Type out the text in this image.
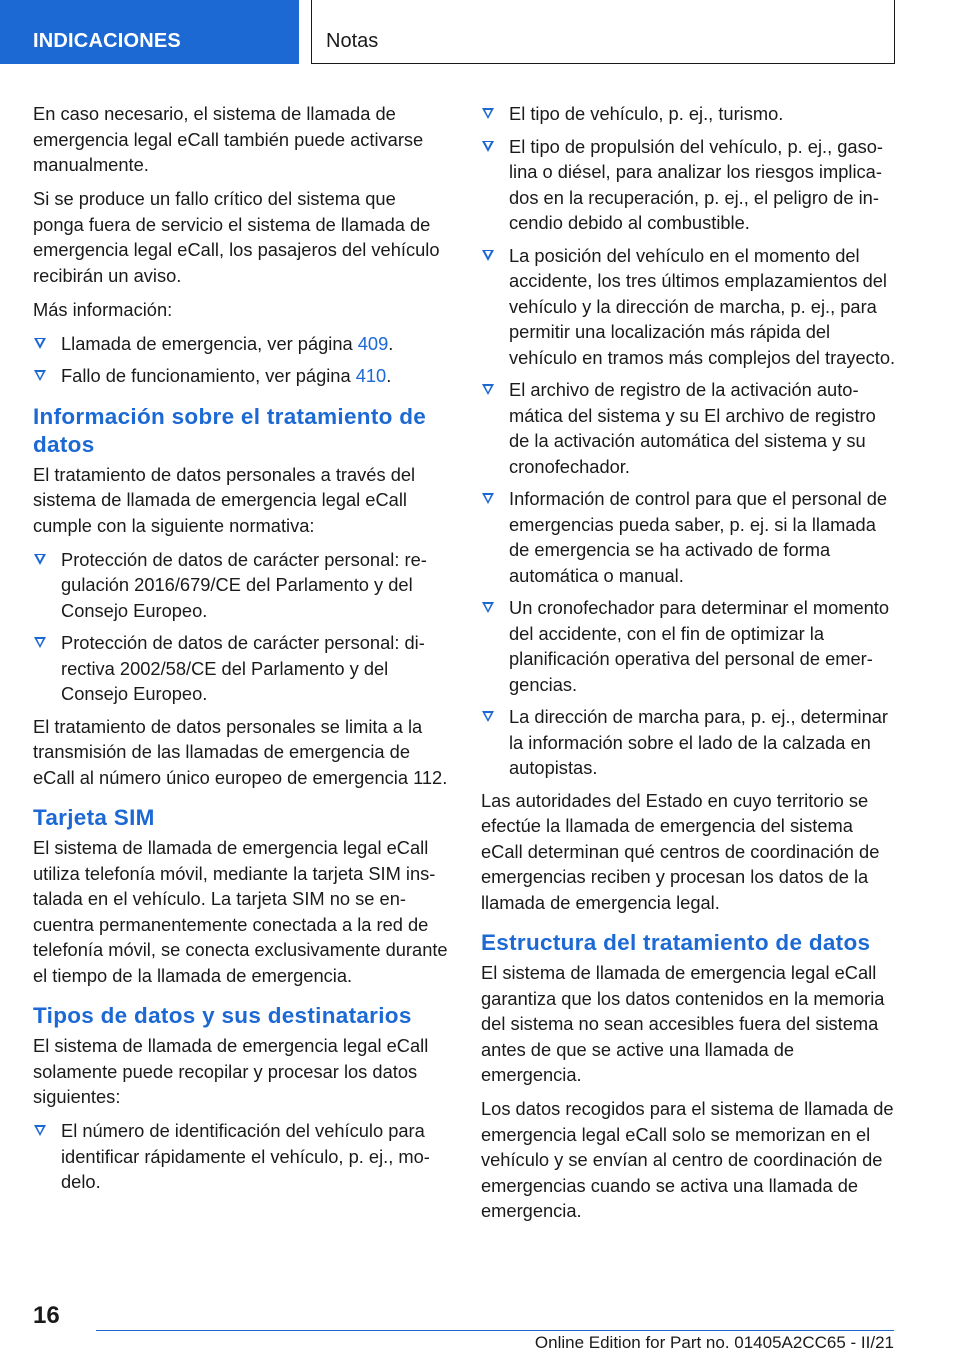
INDICACIONES	Notas

En caso necesario, el sistema de llamada de emergencia legal eCall también puede activarse manualmente.

Si se produce un fallo crítico del sistema que ponga fuera de servicio el sistema de llamada de emergencia legal eCall, los pasajeros del vehículo recibirán un aviso.

Más información:

Llamada de emergencia, ver página 409.
Fallo de funcionamiento, ver página 410.
Información sobre el tratamiento de datos

El tratamiento de datos personales a través del sistema de llamada de emergencia legal eCall cumple con la siguiente normativa:

Protección de datos de carácter personal: regulación 2016/679/CE del Parlamento y del Consejo Europeo.
Protección de datos de carácter personal: directiva 2002/58/CE del Parlamento y del Consejo Europeo.

El tratamiento de datos personales se limita a la transmisión de las llamadas de emergencia de eCall al número único europeo de emergencia 112.

Tarjeta SIM

El sistema de llamada de emergencia legal eCall utiliza telefonía móvil, mediante la tarjeta SIM instalada en el vehículo. La tarjeta SIM no se encuentra permanentemente conectada a la red de telefonía móvil, se conecta exclusivamente durante el tiempo de la llamada de emergencia.

Tipos de datos y sus destinatarios

El sistema de llamada de emergencia legal eCall solamente puede recopilar y procesar los datos siguientes:

El número de identificación del vehículo para identificar rápidamente el vehículo, p. ej., modelo.
El tipo de vehículo, p. ej., turismo.
El tipo de propulsión del vehículo, p. ej., gasolina o diésel, para analizar los riesgos implicados en la recuperación, p. ej., el peligro de incendio debido al combustible.
La posición del vehículo en el momento del accidente, los tres últimos emplazamientos del vehículo y la dirección de marcha, p. ej., para permitir una localización más rápida del vehículo en tramos más complejos del trayecto.
El archivo de registro de la activación automática del sistema y su El archivo de registro de la activación automática del sistema y su cronofechador.
Información de control para que el personal de emergencias pueda saber, p. ej. si la llamada de emergencia se ha activado de forma automática o manual.
Un cronofechador para determinar el momento del accidente, con el fin de optimizar la planificación operativa del personal de emergencias.
La dirección de marcha para, p. ej., determinar la información sobre el lado de la calzada en autopistas.

Las autoridades del Estado en cuyo territorio se efectúe la llamada de emergencia del sistema eCall determinan qué centros de coordinación de emergencias reciben y procesan los datos de la llamada de emergencia legal.

Estructura del tratamiento de datos

El sistema de llamada de emergencia legal eCall garantiza que los datos contenidos en la memoria del sistema no sean accesibles fuera del sistema antes de que se active una llamada de emergencia.

Los datos recogidos para el sistema de llamada de emergencia legal eCall solo se memorizan en el vehículo y se envían al centro de coordinación de emergencias cuando se activa una llamada de emergencia.

16
Online Edition for Part no. 01405A2CC65 - II/21
